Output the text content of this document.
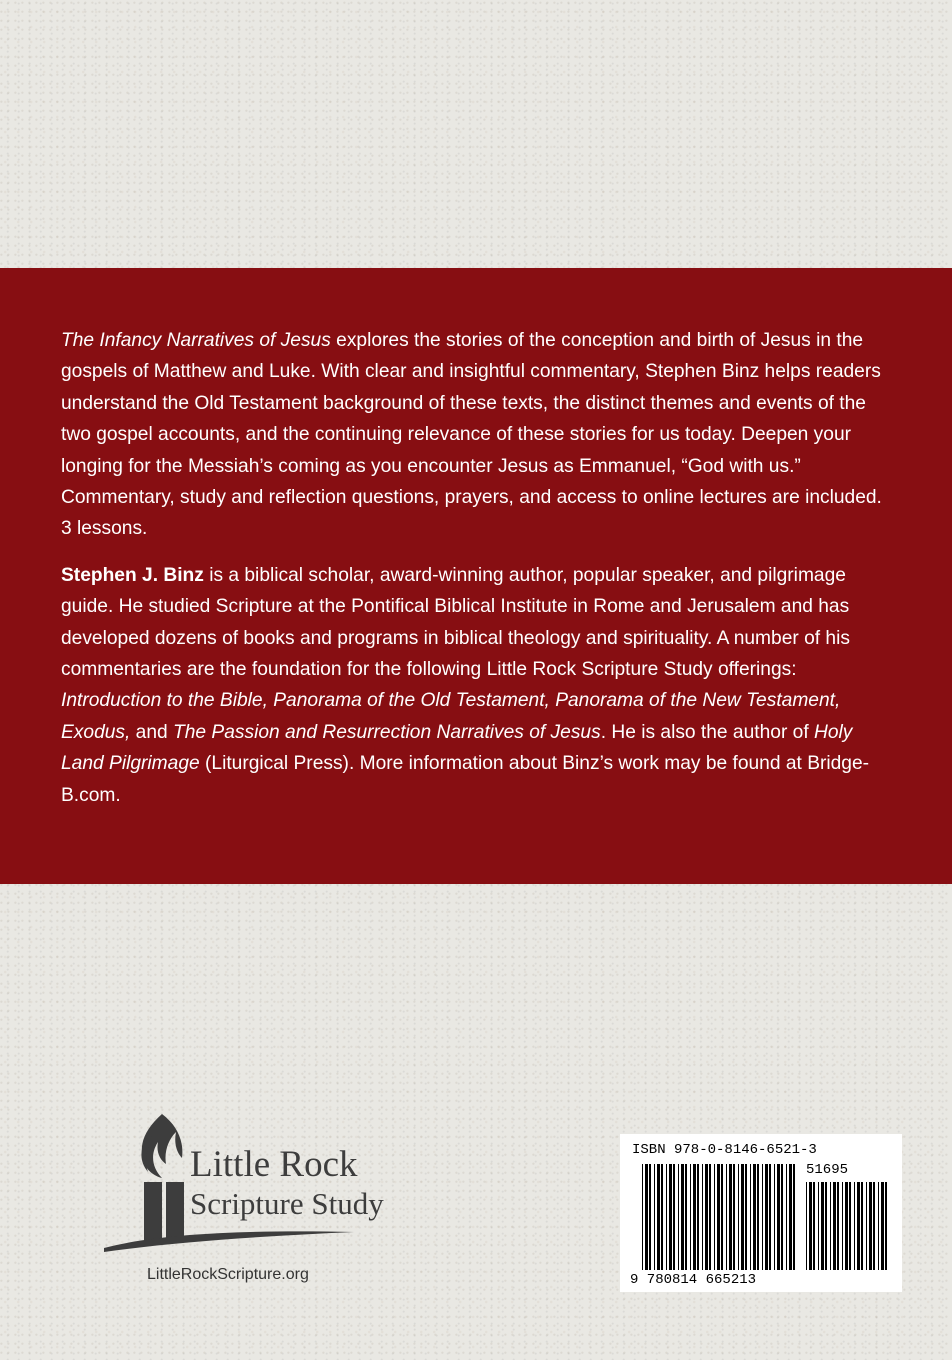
The Infancy Narratives of Jesus explores the stories of the conception and birth of Jesus in the gospels of Matthew and Luke. With clear and insightful commentary, Stephen Binz helps readers understand the Old Testament background of these texts, the distinct themes and events of the two gospel accounts, and the continuing relevance of these stories for us today. Deepen your longing for the Messiah’s coming as you encounter Jesus as Emmanuel, “God with us.” Commentary, study and reflection questions, prayers, and access to online lectures are included. 3 lessons.

Stephen J. Binz is a biblical scholar, award-winning author, popular speaker, and pilgrimage guide. He studied Scripture at the Pontifical Biblical Institute in Rome and Jerusalem and has developed dozens of books and programs in biblical theology and spirituality. A number of his commentaries are the foundation for the following Little Rock Scripture Study offerings: Introduction to the Bible, Panorama of the Old Testament, Panorama of the New Testament, Exodus, and The Passion and Resurrection Narratives of Jesus. He is also the author of Holy Land Pilgrimage (Liturgical Press). More information about Binz’s work may be found at Bridge-B.com.

Little Rock
Scripture Study
LittleRockScripture.org
ISBN 978-0-8146-6521-3
51695
9 780814 665213
